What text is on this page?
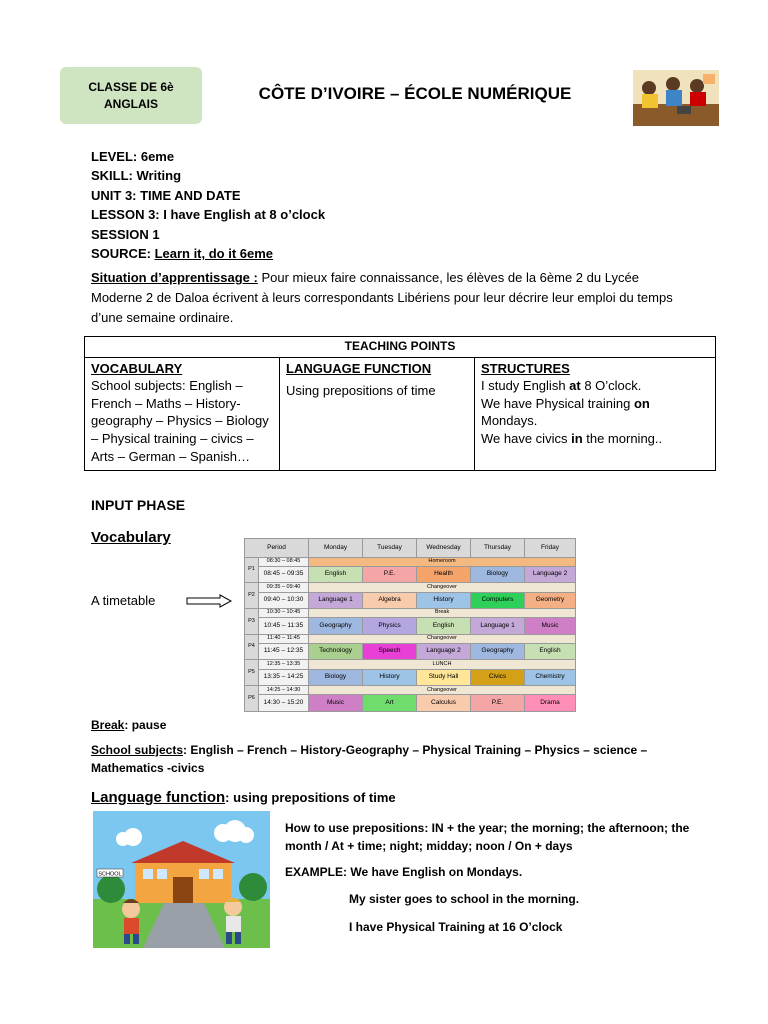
CLASSE DE 6è
ANGLAIS
CÔTE D’IVOIRE – ÉCOLE NUMÉRIQUE
LEVEL: 6eme
SKILL: Writing
UNIT 3: TIME AND DATE
LESSON 3: I have English at 8 o’clock
SESSION 1
SOURCE: Learn it, do it 6eme
Situation d’apprentissage : Pour mieux faire connaissance, les élèves de la 6ème 2 du Lycée Moderne 2 de Daloa écrivent à leurs correspondants Libériens pour leur décrire leur emploi du temps d’une semaine ordinaire.
TEACHING POINTS

VOCABULARY
School subjects: English – French – Maths – History-geography – Physics – Biology – Physical training – civics – Arts – German – Spanish…

LANGUAGE FUNCTION
Using prepositions of time

STRUCTURES
I study English at 8 O’clock.
We have Physical training on Mondays.
We have civics in the morning..
INPUT PHASE
Vocabulary
A timetable
Period		Monday	Tuesday	Wednesday	Thursday	Friday
P1	08:30 – 08:45	Homeroom				
	08:45 – 09:35	English	P.E.	Health	Biology	Language 2
P2	09:35 – 09:40	Changeover				
	09:40 – 10:30	Language 1	Algebra	History	Computers	Geometry
P3	10:30 – 10:45	Break				
	10:45 – 11:35	Geography	Physics	English	Language 1	Music
P4	11:40 – 11:45	Changeover				
	11:45 – 12:35	Technology	Speech	Language 2	Geography	English
P5	12:35 – 13:35	LUNCH				
	13:35 – 14:25	Biology	History	Study Hall	Civics	Chemistry
P6	14:25 – 14:30	Changeover				
	14:30 – 15:20	Music	Art	Calculus	P.E.	Drama
Break: pause
School subjects: English – French – History-Geography – Physical Training – Physics – science – Mathematics -civics
Language function: using prepositions of time
SCHOOL
How to use prepositions: IN + the year; the morning; the afternoon; the month / At + time; night; midday; noon / On + days
EXAMPLE: We have English on Mondays.
My sister goes to school in the morning.
I have Physical Training at 16 O’clock
